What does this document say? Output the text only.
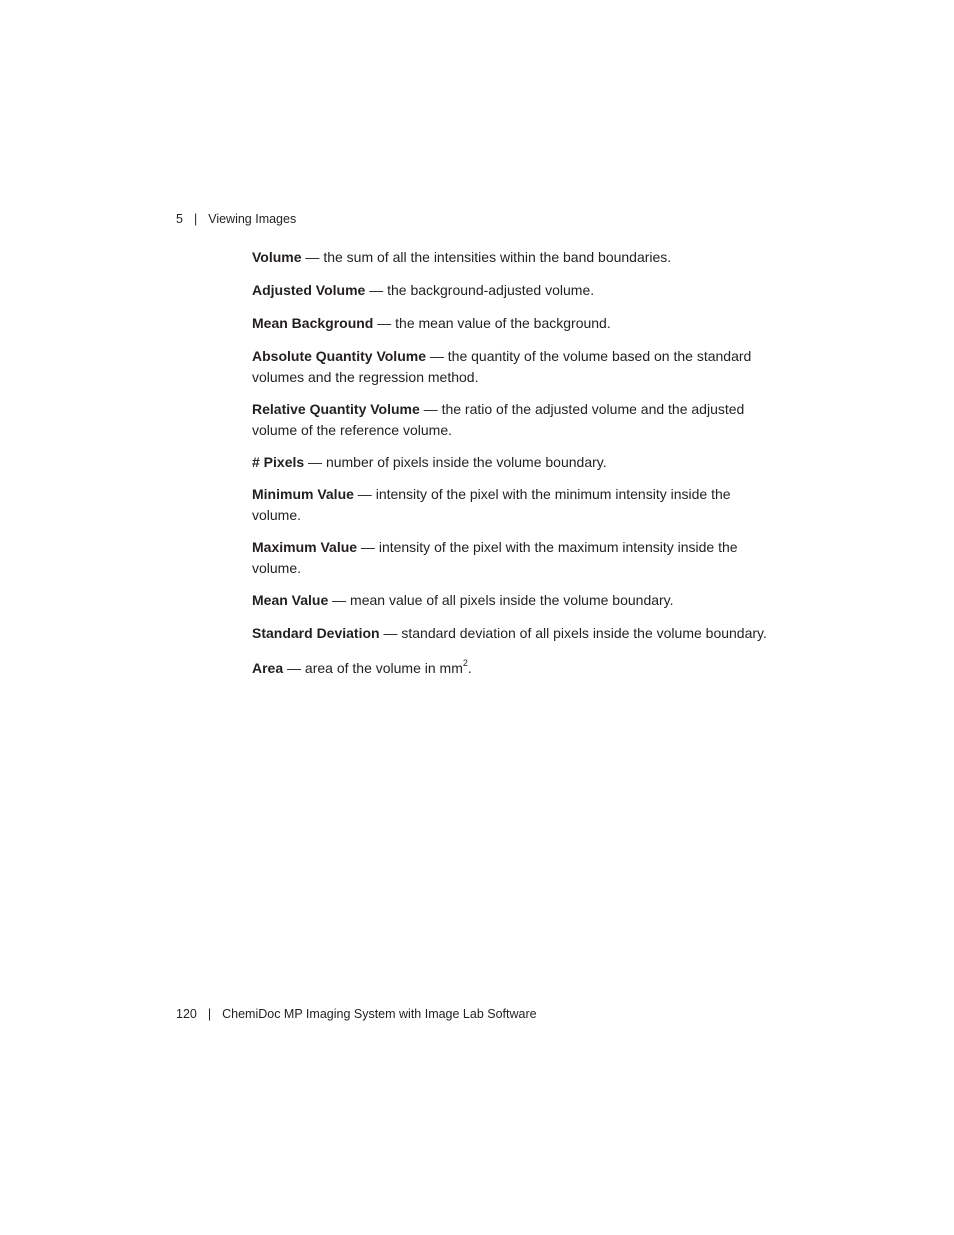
5 | Viewing Images

Volume — the sum of all the intensities within the band boundaries.

Adjusted Volume — the background-adjusted volume.

Mean Background — the mean value of the background.

Absolute Quantity Volume — the quantity of the volume based on the standard volumes and the regression method.

Relative Quantity Volume — the ratio of the adjusted volume and the adjusted volume of the reference volume.

# Pixels — number of pixels inside the volume boundary.

Minimum Value — intensity of the pixel with the minimum intensity inside the volume.

Maximum Value — intensity of the pixel with the maximum intensity inside the volume.

Mean Value — mean value of all pixels inside the volume boundary.

Standard Deviation — standard deviation of all pixels inside the volume boundary.

Area — area of the volume in $mm^2$.

120 | ChemiDoc MP Imaging System with Image Lab Software
